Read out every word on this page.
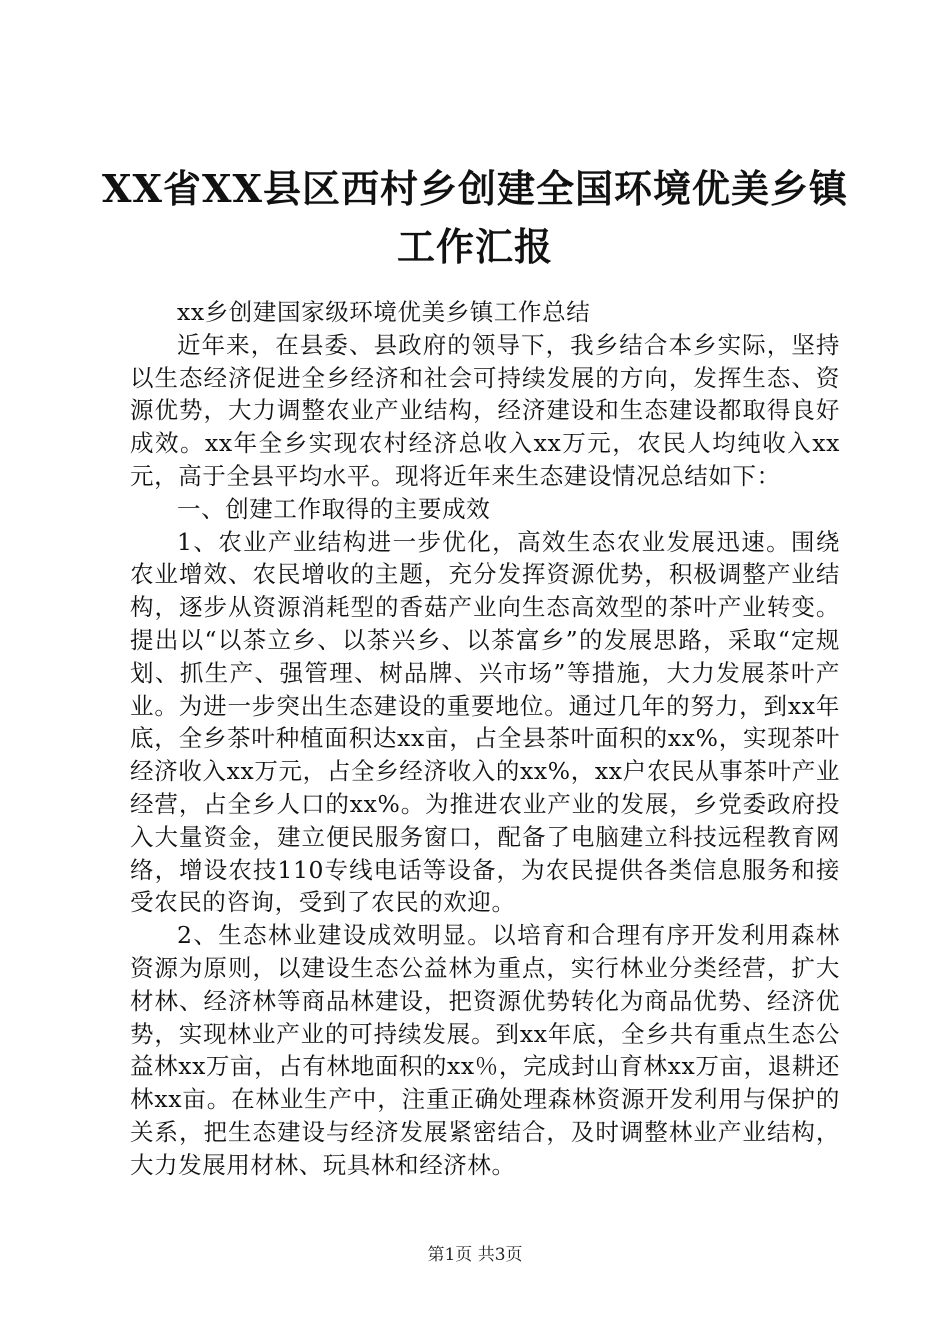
XX省XX县区西村乡创建全国环境优美乡镇工作汇报

xx乡创建国家级环境优美乡镇工作总结

近年来，在县委、县政府的领导下，我乡结合本乡实际，坚持以生态经济促进全乡经济和社会可持续发展的方向，发挥生态、资源优势，大力调整农业产业结构，经济建设和生态建设都取得良好成效。xx年全乡实现农村经济总收入xx万元，农民人均纯收入xx元，高于全县平均水平。现将近年来生态建设情况总结如下：

一、创建工作取得的主要成效

1、农业产业结构进一步优化，高效生态农业发展迅速。围绕农业增效、农民增收的主题，充分发挥资源优势，积极调整产业结构，逐步从资源消耗型的香菇产业向生态高效型的茶叶产业转变。提出以“以茶立乡、以茶兴乡、以茶富乡”的发展思路，采取“定规划、抓生产、强管理、树品牌、兴市场”等措施，大力发展茶叶产业。为进一步突出生态建设的重要地位。通过几年的努力，到xx年底，全乡茶叶种植面积达xx亩，占全县茶叶面积的xx%，实现茶叶经济收入xx万元，占全乡经济收入的xx%，xx户农民从事茶叶产业经营，占全乡人口的xx%。为推进农业产业的发展，乡党委政府投入大量资金，建立便民服务窗口，配备了电脑建立科技远程教育网络，增设农技110专线电话等设备，为农民提供各类信息服务和接受农民的咨询，受到了农民的欢迎。

2、生态林业建设成效明显。以培育和合理有序开发利用森林资源为原则，以建设生态公益林为重点，实行林业分类经营，扩大材林、经济林等商品林建设，把资源优势转化为商品优势、经济优势，实现林业产业的可持续发展。到xx年底，全乡共有重点生态公益林xx万亩，占有林地面积的xx％，完成封山育林xx万亩，退耕还林xx亩。在林业生产中，注重正确处理森林资源开发利用与保护的关系，把生态建设与经济发展紧密结合，及时调整林业产业结构，大力发展用材林、玩具林和经济林。

第1页 共3页
